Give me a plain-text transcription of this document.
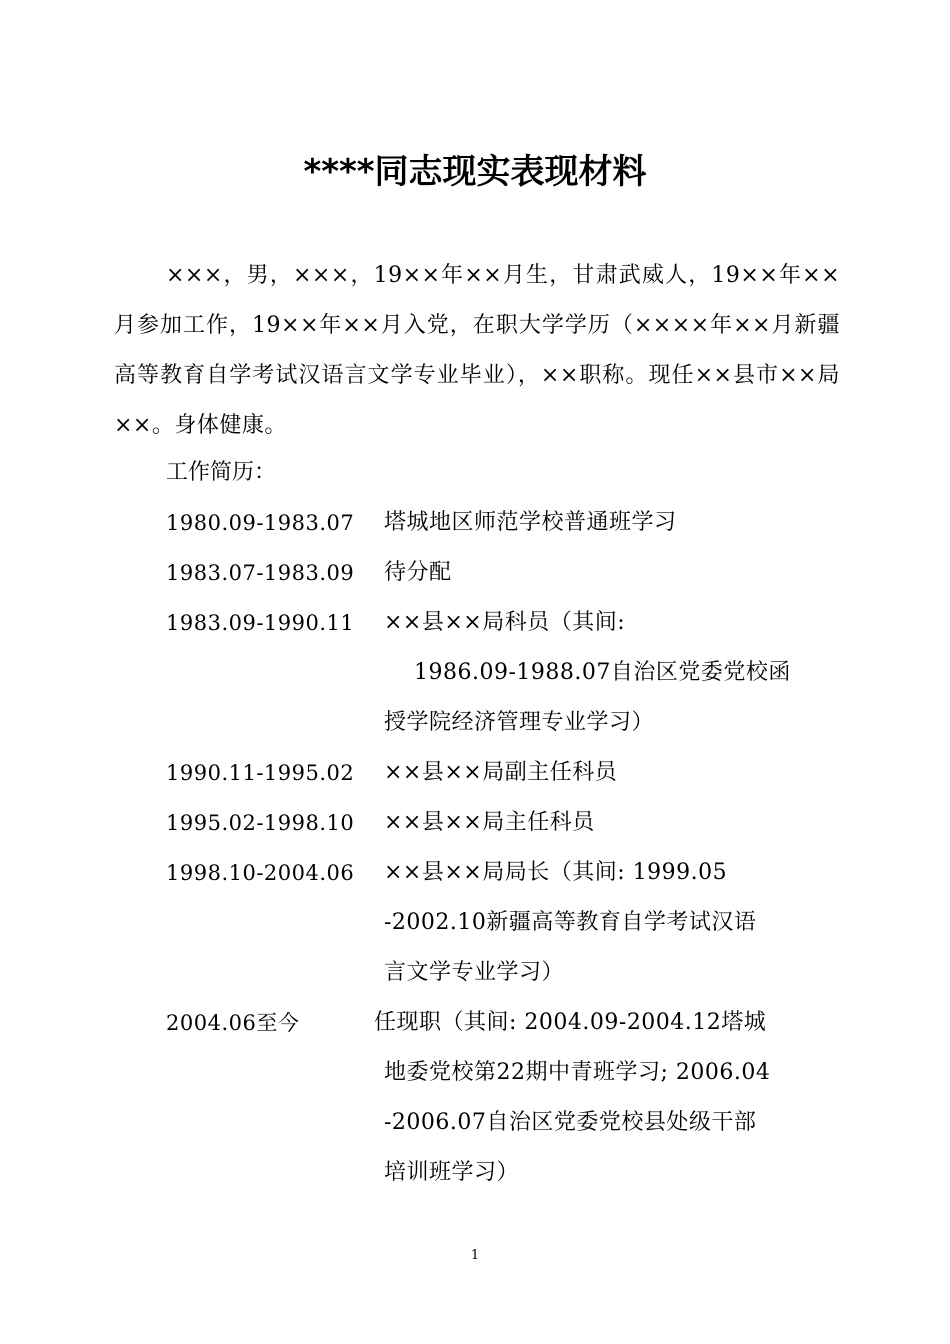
****同志现实表现材料

×××，男，×××，19××年××月生，甘肃武威人，19××年××月参加工作，19××年××月入党，在职大学学历（××××年××月新疆高等教育自学考试汉语言文学专业毕业），××职称。现任××县市××局××。身体健康。

工作简历：
1980.09-1983.07 塔城地区师范学校普通班学习
1983.07-1983.09 待分配
1983.09-1990.11 ××县××局科员（其间:
1986.09-1988.07自治区党委党校函
授学院经济管理专业学习）
1990.11-1995.02 ××县××局副主任科员
1995.02-1998.10 ××县××局主任科员
1998.10-2004.06 ××县××局局长（其间: 1999.05
-2002.10新疆高等教育自学考试汉语
言文学专业学习）
2004.06至今	任现职（其间: 2004.09-2004.12塔城
地委党校第22期中青班学习; 2006.04
-2006.07自治区党委党校县处级干部
培训班学习）
1
